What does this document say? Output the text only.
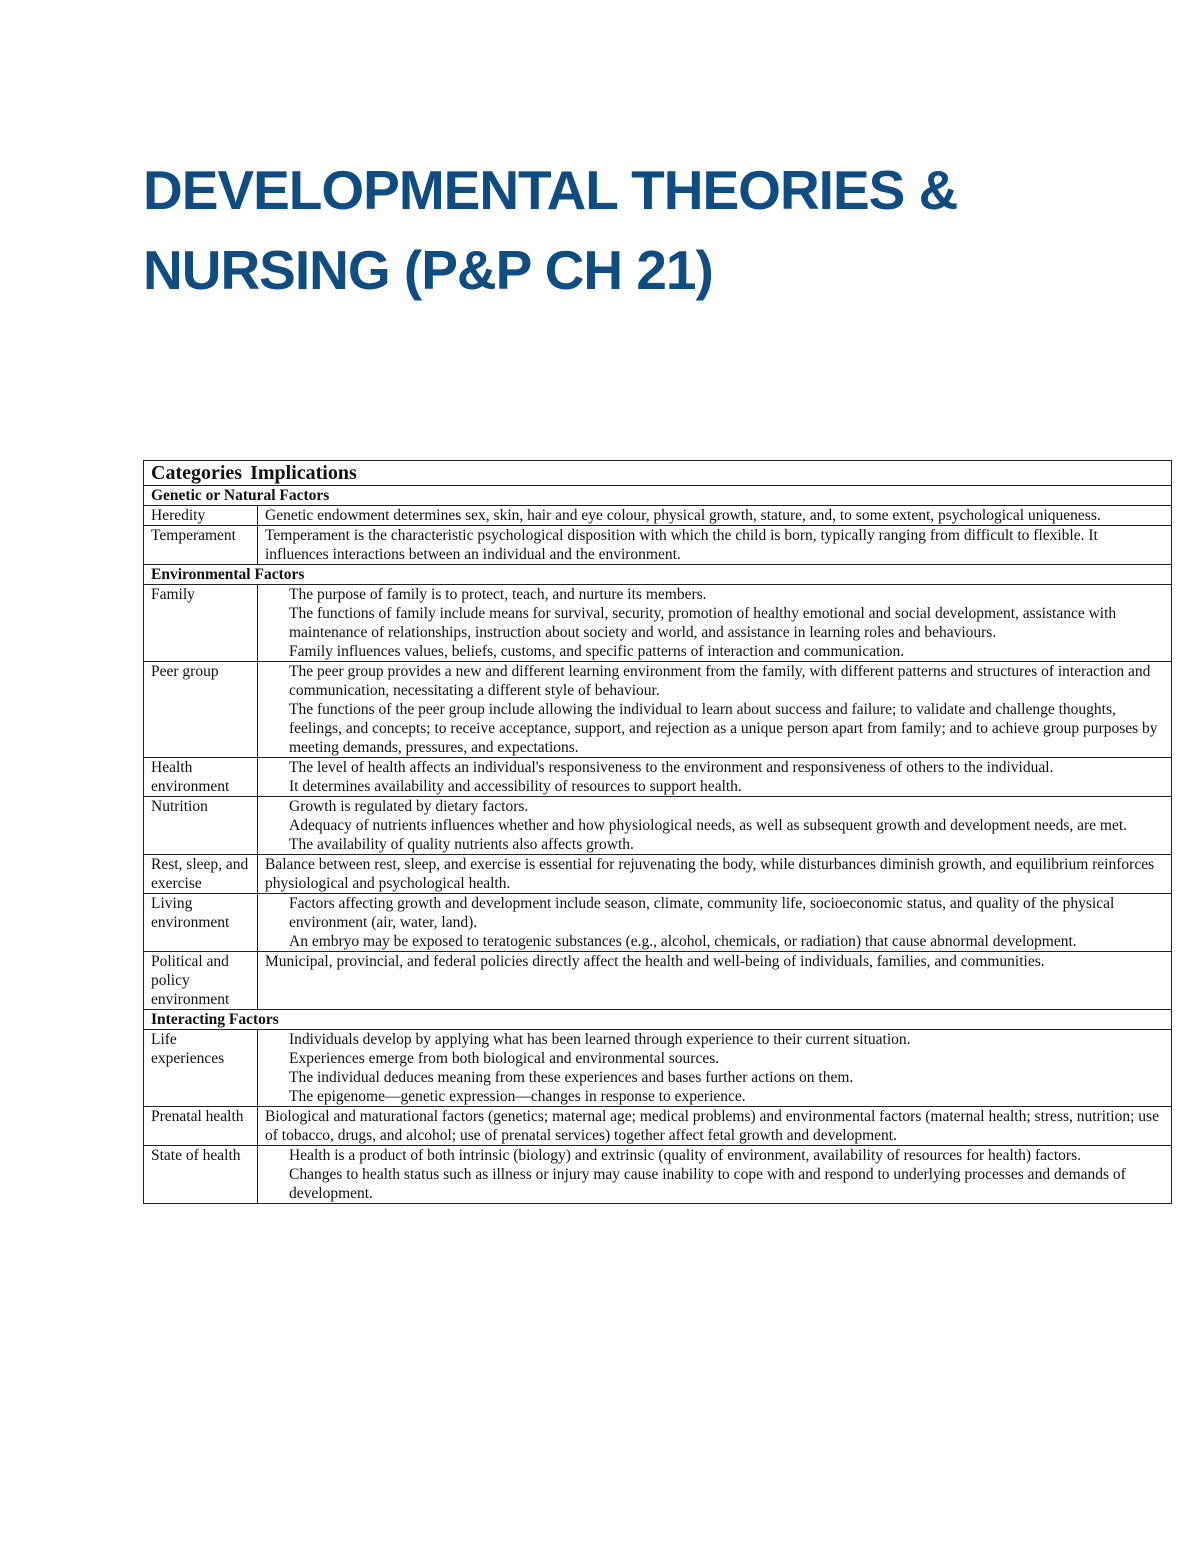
DEVELOPMENTAL THEORIES &
NURSING (P&P CH 21)
Categories Implications	
Genetic or Natural Factors	
Heredity	Genetic endowment determines sex, skin, hair and eye colour, physical growth, stature, and, to some extent, psychological uniqueness.

Temperament	Temperament is the characteristic psychological disposition with which the child is born, typically ranging from difficult to flexible. It influences interactions between an individual and the environment.

Environmental Factors	
Family	The purpose of family is to protect, teach, and nurture its members.
The functions of family include means for survival, security, promotion of healthy emotional and social development, assistance with maintenance of relationships, instruction about society and world, and assistance in learning roles and behaviours.
Family influences values, beliefs, customs, and specific patterns of interaction and communication.

Peer group	The peer group provides a new and different learning environment from the family, with different patterns and structures of interaction and communication, necessitating a different style of behaviour.
The functions of the peer group include allowing the individual to learn about success and failure; to validate and challenge thoughts, feelings, and concepts; to receive acceptance, support, and rejection as a unique person apart from family; and to achieve group purposes by meeting demands, pressures, and expectations.

Health environment	The level of health affects an individual's responsiveness to the environment and responsiveness of others to the individual.
It determines availability and accessibility of resources to support health.

Nutrition	Growth is regulated by dietary factors.
Adequacy of nutrients influences whether and how physiological needs, as well as subsequent growth and development needs, are met.
The availability of quality nutrients also affects growth.

Rest, sleep, and exercise	Balance between rest, sleep, and exercise is essential for rejuvenating the body, while disturbances diminish growth, and equilibrium reinforces physiological and psychological health.

Living environment	Factors affecting growth and development include season, climate, community life, socioeconomic status, and quality of the physical environment (air, water, land).
An embryo may be exposed to teratogenic substances (e.g., alcohol, chemicals, or radiation) that cause abnormal development.

Political and policy environment	Municipal, provincial, and federal policies directly affect the health and well-being of individuals, families, and communities.

Interacting Factors	
Life experiences	Individuals develop by applying what has been learned through experience to their current situation.
Experiences emerge from both biological and environmental sources.
The individual deduces meaning from these experiences and bases further actions on them.
The epigenome—genetic expression—changes in response to experience.

Prenatal health	Biological and maturational factors (genetics; maternal age; medical problems) and environmental factors (maternal health; stress, nutrition; use of tobacco, drugs, and alcohol; use of prenatal services) together affect fetal growth and development.

State of health	Health is a product of both intrinsic (biology) and extrinsic (quality of environment, availability of resources for health) factors.
Changes to health status such as illness or injury may cause inability to cope with and respond to underlying processes and demands of development.
